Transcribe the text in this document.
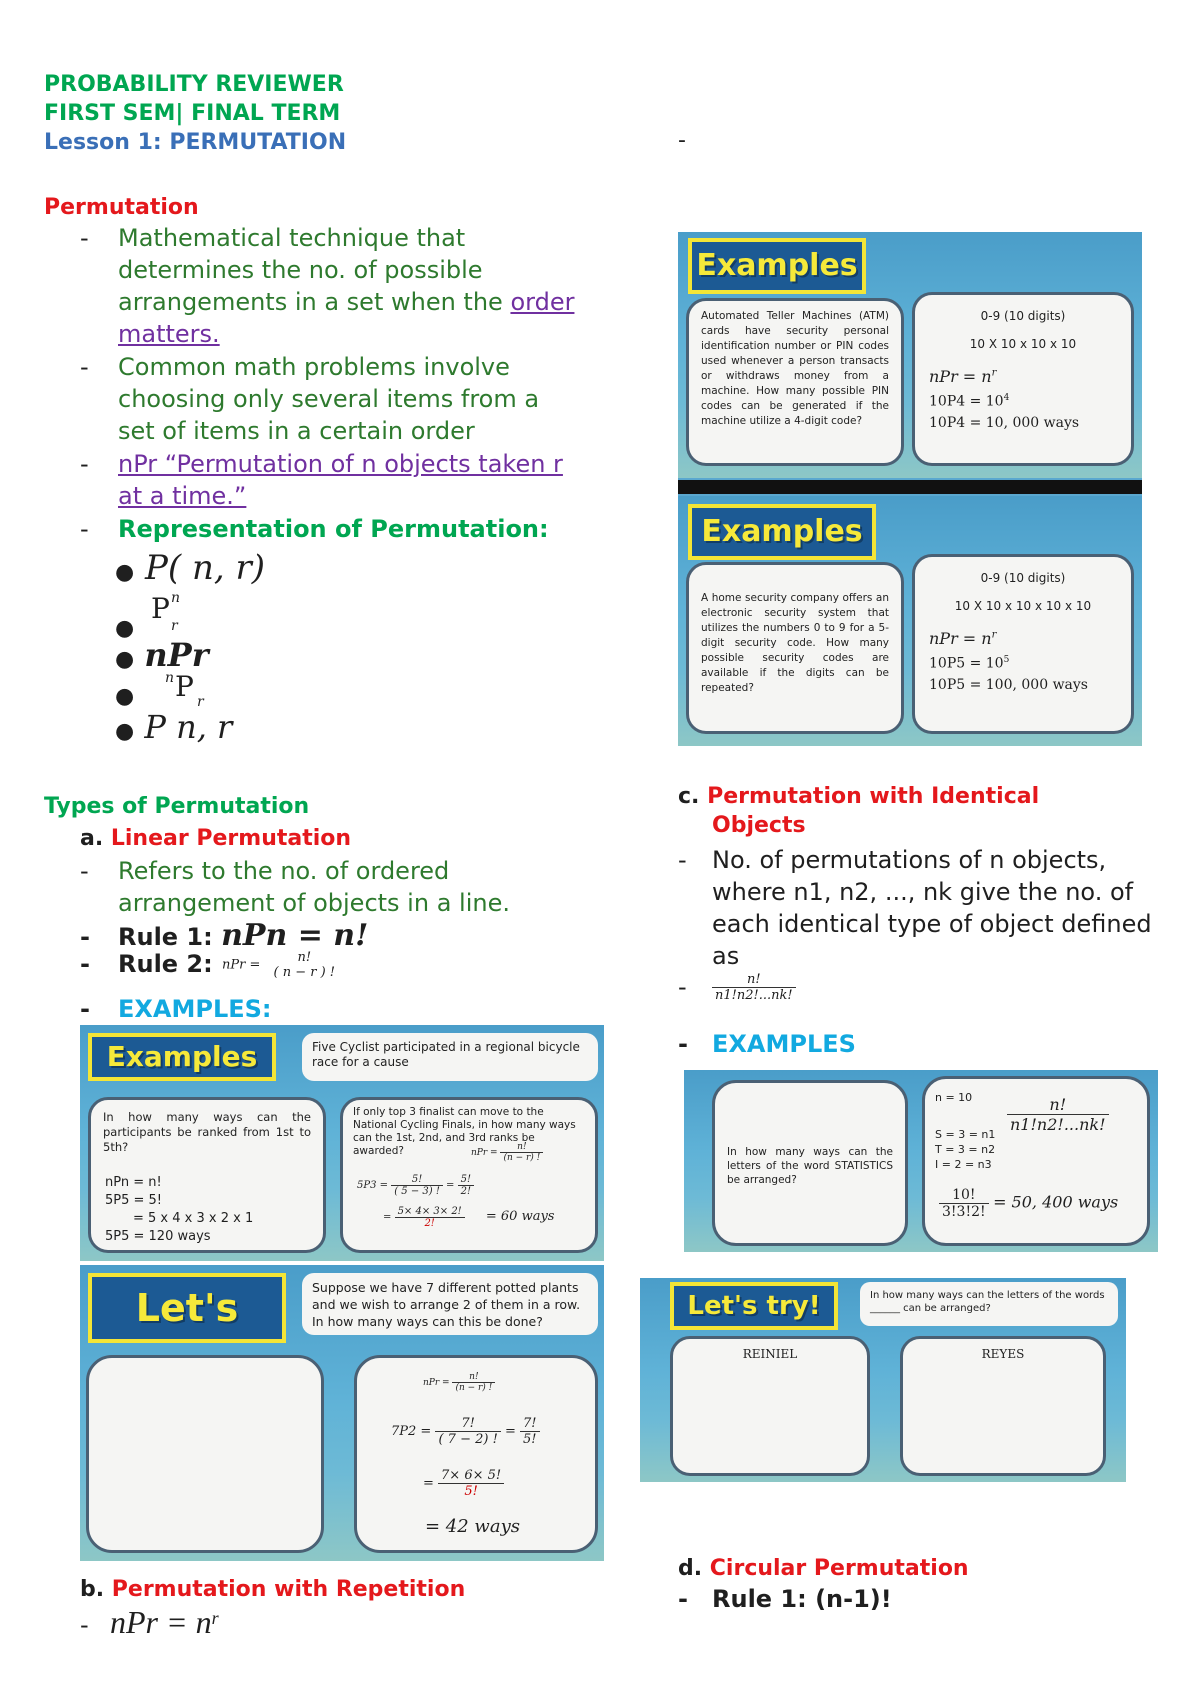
PROBABILITY REVIEWER
FIRST SEM| FINAL TERM
Lesson 1: PERMUTATION	-
Permutation
-	Mathematical technique that determines the no. of possible arrangements in a set when the order matters.
-	Common math problems involve choosing only several items from a set of items in a certain order
-	nPr “Permutation of n objects taken r at a time.”
-	Representation of Permutation:
● P( n, r)
●
P n
r
● nPr
●
n P r
● P n, r
Types of Permutation
a. Linear Permutation
-	Refers to the no. of ordered arrangement of objects in a line.
- Rule 1: nPn = n!
- Rule 2: nPr =	n!
( n − r ) !
- EXAMPLES:
Examples	Five Cyclist participated in a regional bicycle race for a cause
In how many ways can the participants be ranked from 1st to 5th?
nPn = n!
5P5 = 5!
= 5 x 4 x 3 x 2 x 1
5P5 = 120 ways
If only top 3 finalist can move to the National Cycling Finals, in how many ways can the 1st, 2nd, and 3rd ranks be awarded?	nPr = $\frac{n!}{(n - r) !}$
$5P3 = \frac{5!}{( 5 - 3) !} = \frac{5!}{2!}$
= $\frac{5\times 4\times 3\times 2!}{2!} = 60$ ways
Let's	Suppose we have 7 different potted plants and we wish to arrange 2 of them in a row. In how many ways can this be done?
nPr = $\frac{n!}{(n - r) !}$
$7P2 = \frac{7!}{( 7 - 2) !} = \frac{7!}{5!}$
= $\frac{7\times 6\times 5!}{5!}$
= 42 ways
b. Permutation with Repetition
- nPr = $n^r$
Examples
Automated Teller Machines (ATM) cards have security personal identification number or PIN codes used whenever a person transacts or withdraws money from a machine. How many possible PIN codes can be generated if the machine utilize a 4-digit code?
0-9 (10 digits)
10 X 10 x 10 x 10
nPr = $n^r$
$10P4 = 10^4$
10P4 = 10, 000 ways
Examples
A home security company offers an electronic security system that utilizes the numbers 0 to 9 for a 5-digit security code. How many possible security codes are available if the digits can be repeated?
0-9 (10 digits)
10 X 10 x 10 x 10 x 10
nPr = $n^r$
$10P5 = 10^5$
10P5 = 100, 000 ways
c. Permutation with Identical
Objects
-	No. of permutations of n objects, where n1, n2, ..., nk give the no. of each identical type of object defined as
- $\frac{n!}{n1!n2!...nk!}$
- EXAMPLES
In how many ways can the letters of the word STATISTICS be arranged?
n = 10
S = 3 = n1
T = 3 = n2
I = 2 = n3
$\frac{n!}{n1!n2!...nk!}$
$\frac{10!}{3!3!2!} = 50$, 400 ways
Let's try!	In how many ways can the letters of the words ______ can be arranged?
REINIEL	REYES
d. Circular Permutation
- Rule 1: (n-1)!
